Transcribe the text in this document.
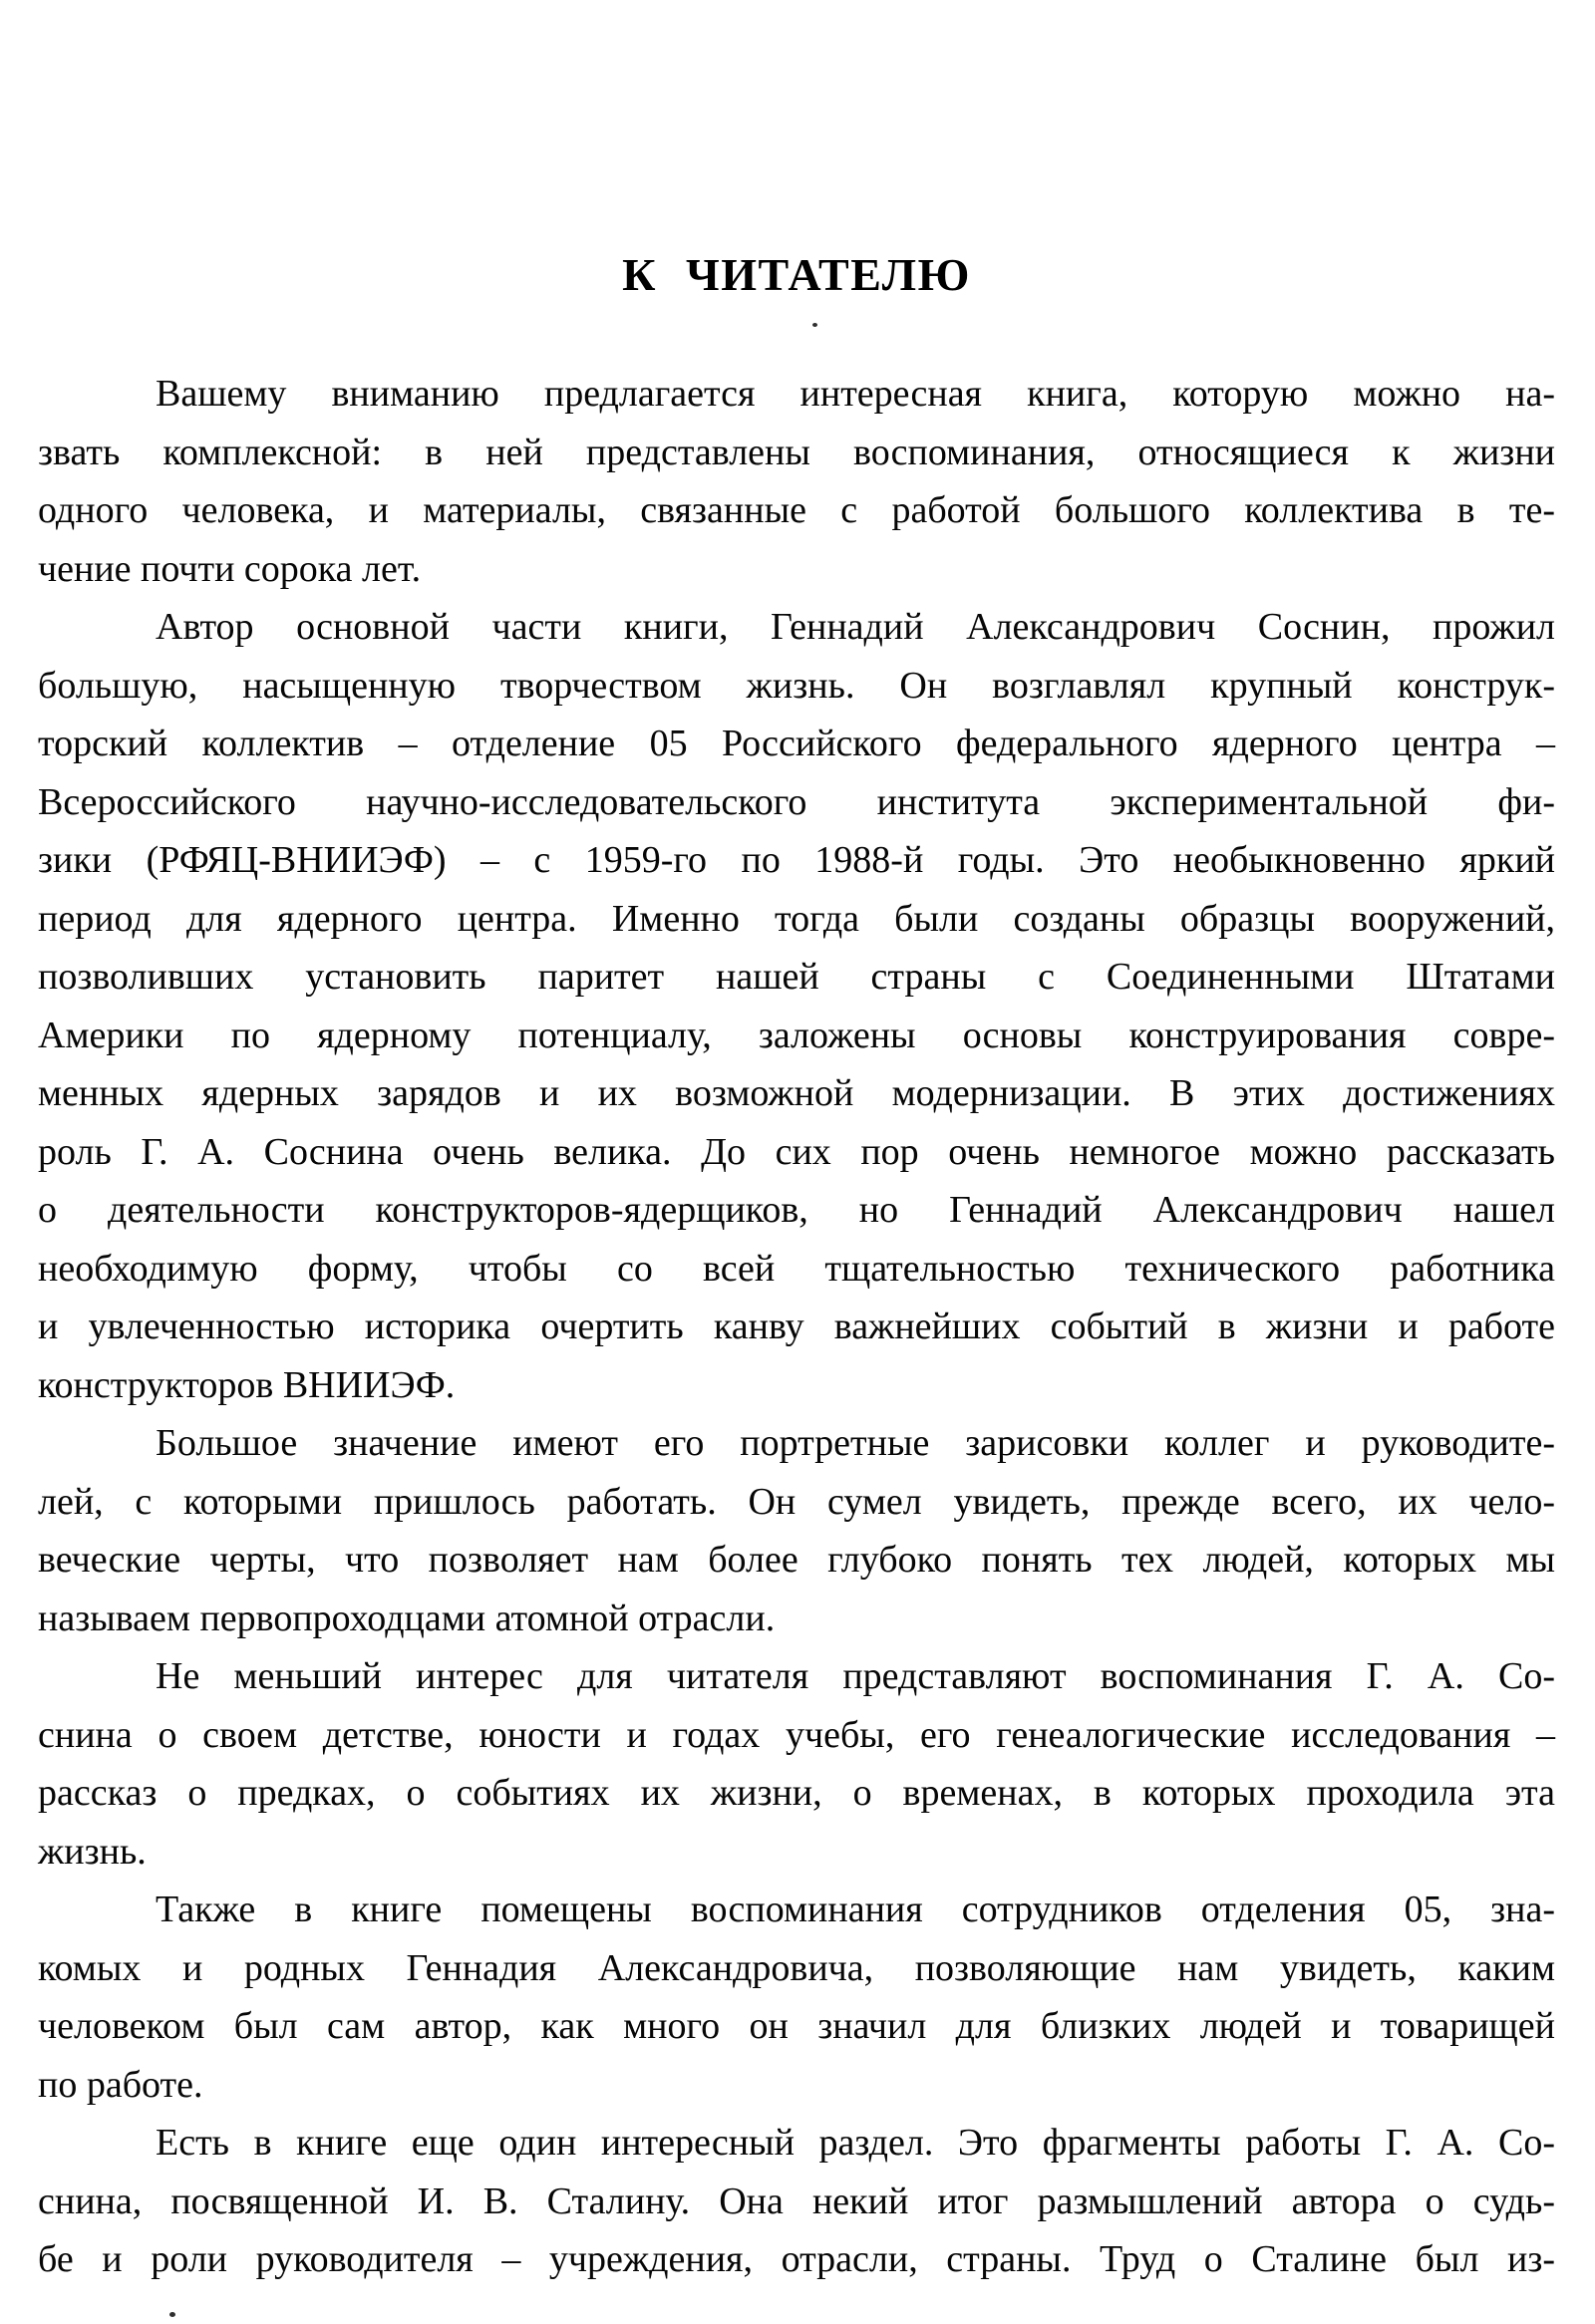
К ЧИТАТЕЛЮ

Вашему вниманию предлагается интересная книга, которую можно на-
звать комплексной: в ней представлены воспоминания, относящиеся к жизни
одного человека, и материалы, связанные с работой большого коллектива в те-
чение почти сорока лет.

Автор основной части книги, Геннадий Александрович Соснин, прожил
большую, насыщенную творчеством жизнь. Он возглавлял крупный конструк-
торский коллектив – отделение 05 Российского федерального ядерного центра –
Всероссийского научно-исследовательского института экспериментальной фи-
зики (РФЯЦ-ВНИИЭФ) – с 1959-го по 1988-й годы. Это необыкновенно яркий
период для ядерного центра. Именно тогда были созданы образцы вооружений,
позволивших установить паритет нашей страны с Соединенными Штатами
Америки по ядерному потенциалу, заложены основы конструирования совре-
менных ядерных зарядов и их возможной модернизации. В этих достижениях
роль Г. А. Соснина очень велика. До сих пор очень немногое можно рассказать
о деятельности конструкторов-ядерщиков, но Геннадий Александрович нашел
необходимую форму, чтобы со всей тщательностью технического работника
и увлеченностью историка очертить канву важнейших событий в жизни и работе
конструкторов ВНИИЭФ.

Большое значение имеют его портретные зарисовки коллег и руководите-
лей, с которыми пришлось работать. Он сумел увидеть, прежде всего, их чело-
веческие черты, что позволяет нам более глубоко понять тех людей, которых мы
называем первопроходцами атомной отрасли.

Не меньший интерес для читателя представляют воспоминания Г. А. Со-
снина о своем детстве, юности и годах учебы, его генеалогические исследования –
рассказ о предках, о событиях их жизни, о временах, в которых проходила эта
жизнь.

Также в книге помещены воспоминания сотрудников отделения 05, зна-
комых и родных Геннадия Александровича, позволяющие нам увидеть, каким
человеком был сам автор, как много он значил для близких людей и товарищей
по работе.

Есть в книге еще один интересный раздел. Это фрагменты работы Г. А. Со-
снина, посвященной И. В. Сталину. Она некий итог размышлений автора о судь-
бе и роли руководителя – учреждения, отрасли, страны. Труд о Сталине был из-
